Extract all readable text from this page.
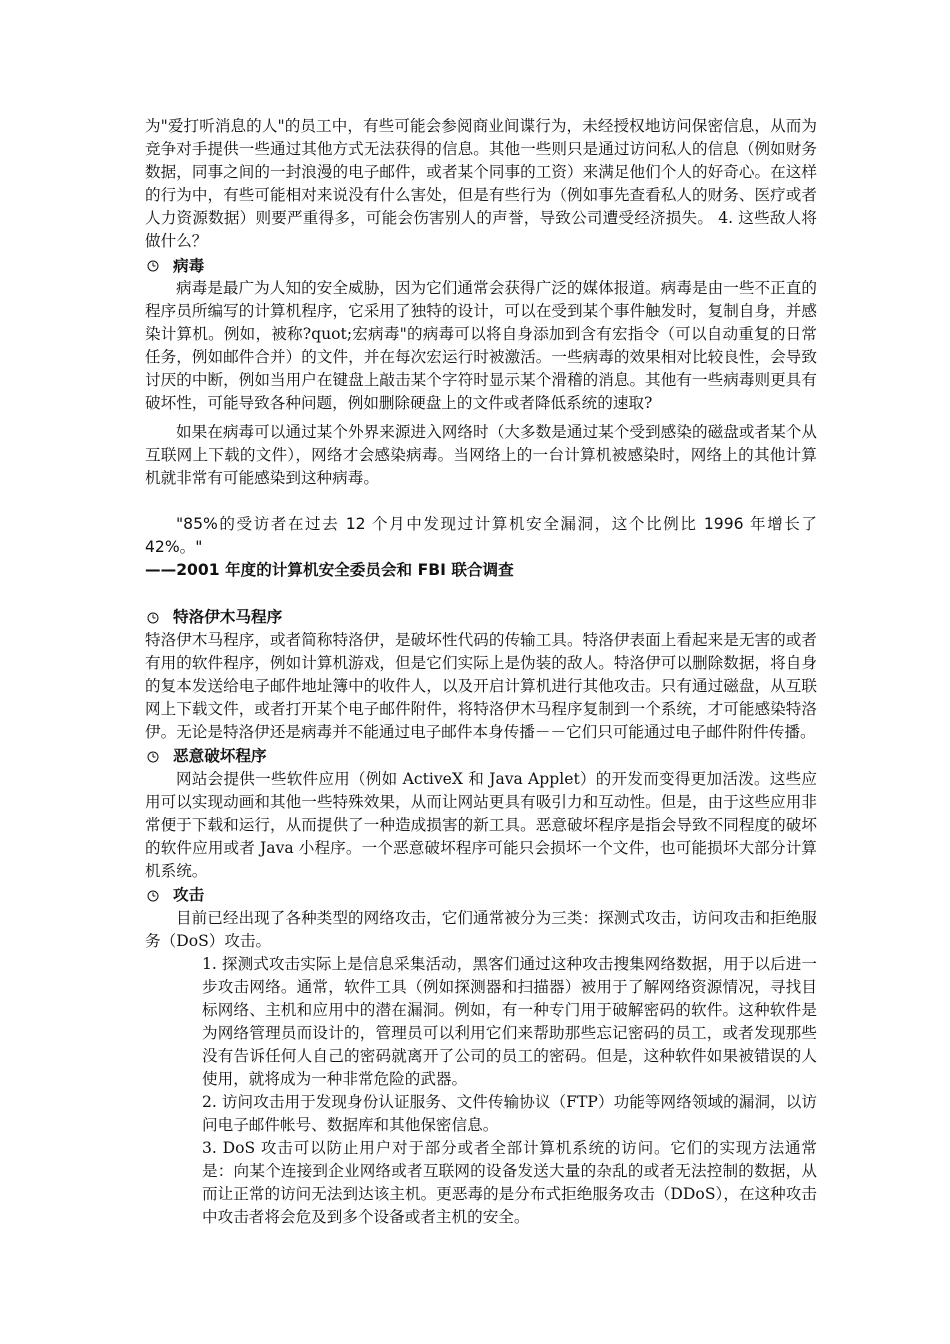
为"爱打听消息的人"的员工中，有些可能会参阅商业间谍行为，未经授权地访问保密信息，从而为竞争对手提供一些通过其他方式无法获得的信息。其他一些则只是通过访问私人的信息（例如财务数据，同事之间的一封浪漫的电子邮件，或者某个同事的工资）来满足他们个人的好奇心。在这样的行为中，有些可能相对来说没有什么害处，但是有些行为（例如事先查看私人的财务、医疗或者人力资源数据）则要严重得多，可能会伤害别人的声誉，导致公司遭受经济损失。 4. 这些敌人将做什么？

病毒

病毒是最广为人知的安全威胁，因为它们通常会获得广泛的媒体报道。病毒是由一些不正直的程序员所编写的计算机程序，它采用了独特的设计，可以在受到某个事件触发时，复制自身，并感染计算机。例如，被称?quot;宏病毒"的病毒可以将自身添加到含有宏指令（可以自动重复的日常任务，例如邮件合并）的文件，并在每次宏运行时被激活。一些病毒的效果相对比较良性，会导致讨厌的中断，例如当用户在键盘上敲击某个字符时显示某个滑稽的消息。其他有一些病毒则更具有破坏性，可能导致各种问题，例如删除硬盘上的文件或者降低系统的速取?

如果在病毒可以通过某个外界来源进入网络时（大多数是通过某个受到感染的磁盘或者某个从互联网上下载的文件），网络才会感染病毒。当网络上的一台计算机被感染时，网络上的其他计算机就非常有可能感染到这种病毒。

"85%的受访者在过去 12 个月中发现过计算机安全漏洞，这个比例比 1996 年增长了 42%。"

——2001 年度的计算机安全委员会和 FBI 联合调查

特洛伊木马程序

特洛伊木马程序，或者简称特洛伊，是破坏性代码的传输工具。特洛伊表面上看起来是无害的或者有用的软件程序，例如计算机游戏，但是它们实际上是伪装的敌人。特洛伊可以删除数据，将自身的复本发送给电子邮件地址簿中的收件人，以及开启计算机进行其他攻击。只有通过磁盘，从互联网上下载文件，或者打开某个电子邮件附件，将特洛伊木马程序复制到一个系统，才可能感染特洛伊。无论是特洛伊还是病毒并不能通过电子邮件本身传播－－它们只可能通过电子邮件附件传播。

恶意破坏程序

网站会提供一些软件应用（例如 ActiveX 和 Java Applet）的开发而变得更加活泼。这些应用可以实现动画和其他一些特殊效果，从而让网站更具有吸引力和互动性。但是，由于这些应用非常便于下载和运行，从而提供了一种造成损害的新工具。恶意破坏程序是指会导致不同程度的破坏的软件应用或者 Java 小程序。一个恶意破坏程序可能只会损坏一个文件，也可能损坏大部分计算机系统。

攻击

目前已经出现了各种类型的网络攻击，它们通常被分为三类：探测式攻击，访问攻击和拒绝服务（DoS）攻击。

1. 探测式攻击实际上是信息采集活动，黑客们通过这种攻击搜集网络数据，用于以后进一步攻击网络。通常，软件工具（例如探测器和扫描器）被用于了解网络资源情况，寻找目标网络、主机和应用中的潜在漏洞。例如，有一种专门用于破解密码的软件。这种软件是为网络管理员而设计的，管理员可以利用它们来帮助那些忘记密码的员工，或者发现那些没有告诉任何人自己的密码就离开了公司的员工的密码。但是，这种软件如果被错误的人使用，就将成为一种非常危险的武器。

2. 访问攻击用于发现身份认证服务、文件传输协议（FTP）功能等网络领域的漏洞，以访问电子邮件帐号、数据库和其他保密信息。

3. DoS 攻击可以防止用户对于部分或者全部计算机系统的访问。它们的实现方法通常是：向某个连接到企业网络或者互联网的设备发送大量的杂乱的或者无法控制的数据，从而让正常的访问无法到达该主机。更恶毒的是分布式拒绝服务攻击（DDoS），在这种攻击中攻击者将会危及到多个设备或者主机的安全。
